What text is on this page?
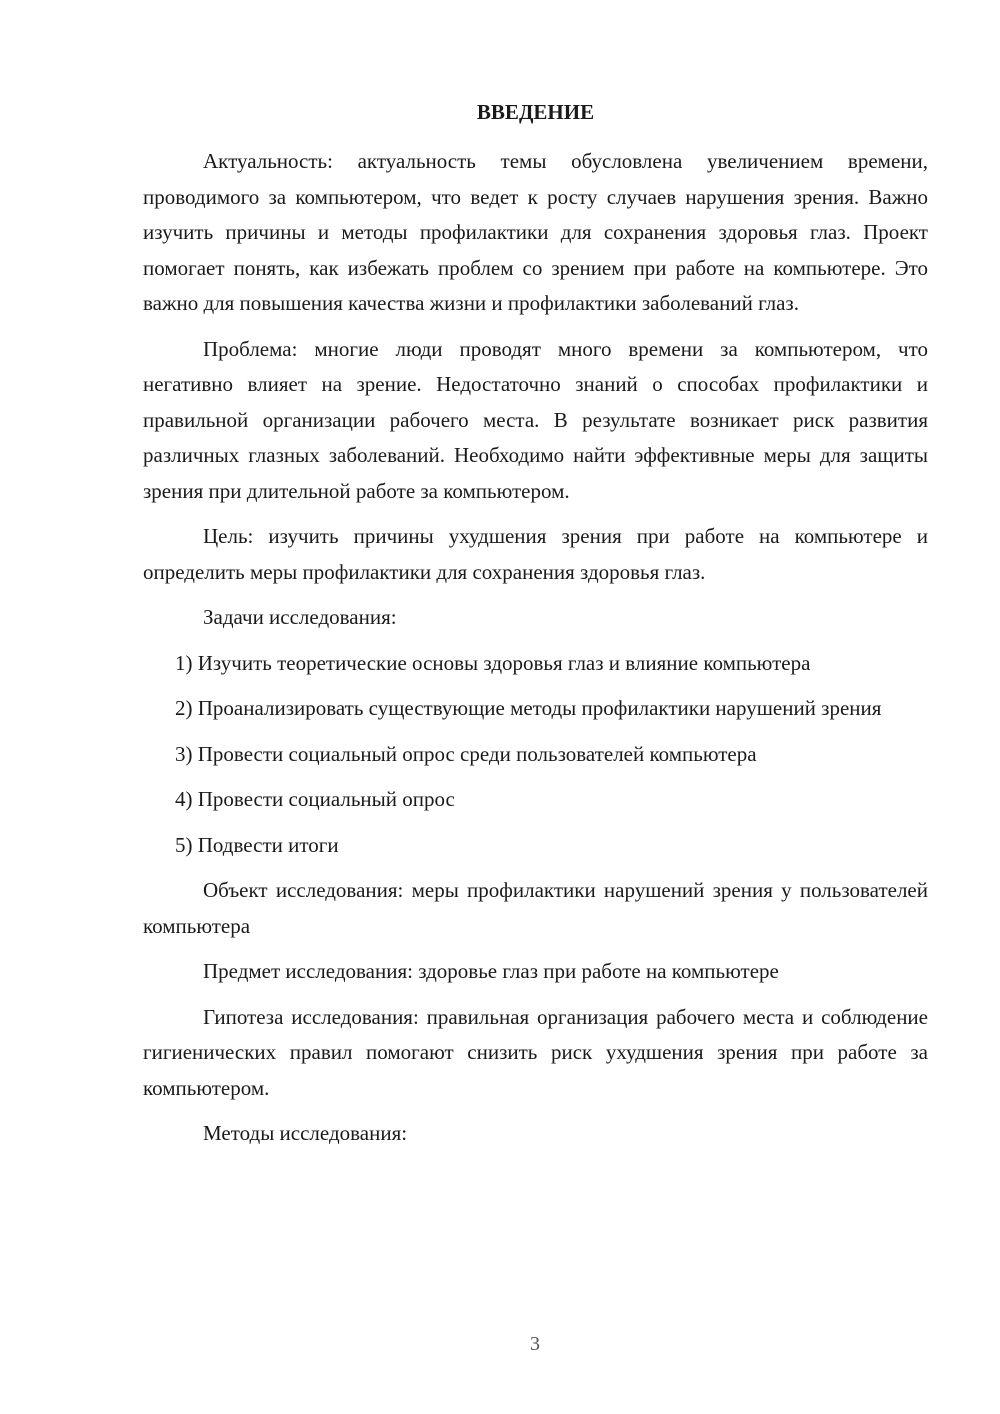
ВВЕДЕНИЕ

Актуальность: актуальность темы обусловлена увеличением времени, проводимого за компьютером, что ведет к росту случаев нарушения зрения. Важно изучить причины и методы профилактики для сохранения здоровья глаз. Проект помогает понять, как избежать проблем со зрением при работе на компьютере. Это важно для повышения качества жизни и профилактики заболеваний глаз.

Проблема: многие люди проводят много времени за компьютером, что негативно влияет на зрение. Недостаточно знаний о способах профилактики и правильной организации рабочего места. В результате возникает риск развития различных глазных заболеваний. Необходимо найти эффективные меры для защиты зрения при длительной работе за компьютером.

Цель: изучить причины ухудшения зрения при работе на компьютере и определить меры профилактики для сохранения здоровья глаз.

Задачи исследования:

1) Изучить теоретические основы здоровья глаз и влияние компьютера

2) Проанализировать существующие методы профилактики нарушений зрения

3) Провести социальный опрос среди пользователей компьютера

4) Провести социальный опрос

5) Подвести итоги

Объект исследования: меры профилактики нарушений зрения у пользователей компьютера

Предмет исследования: здоровье глаз при работе на компьютере

Гипотеза исследования: правильная организация рабочего места и соблюдение гигиенических правил помогают снизить риск ухудшения зрения при работе за компьютером.

Методы исследования:

3
